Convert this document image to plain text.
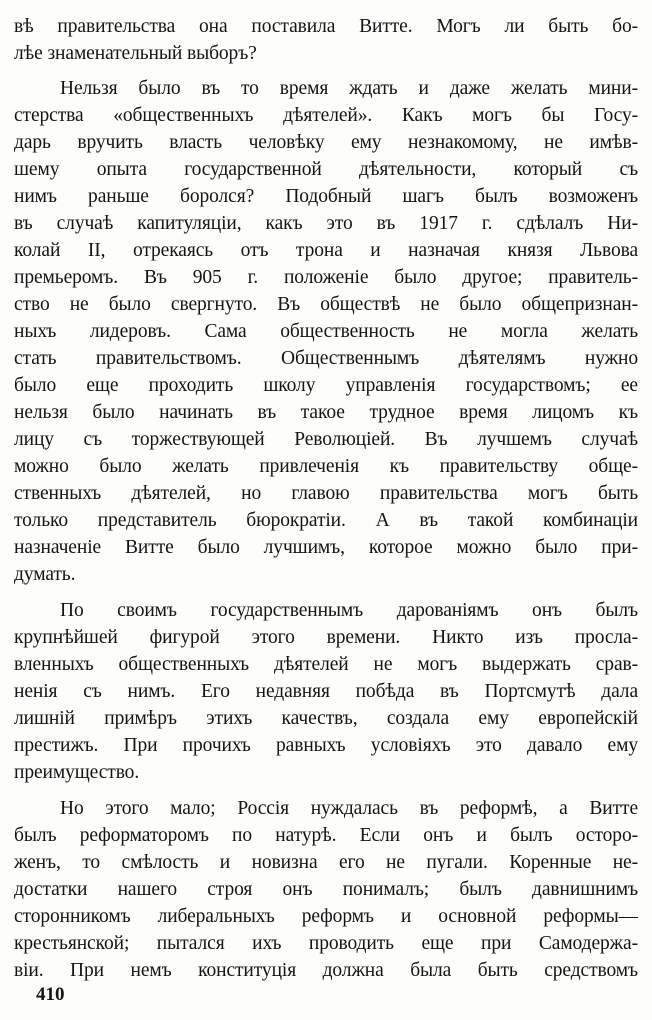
вѣ правительства она поставила Витте. Могъ ли быть бо-
лѣе знаменательный выборъ?
Нельзя было въ то время ждать и даже желать мини-
стерства «общественныхъ дѣятелей». Какъ могъ бы Госу-
дарь вручить власть человѣку ему незнакомому, не имѣв-
шему опыта государственной дѣятельности, который съ
нимъ раньше боролся? Подобный шагъ былъ возможенъ
въ случаѣ капитуляціи, какъ это въ 1917 г. сдѣлалъ Ни-
колай II, отрекаясь отъ трона и назначая князя Львова
премьеромъ. Въ 905 г. положеніе было другое; правитель-
ство не было свергнуто. Въ обществѣ не было общепризнан-
ныхъ лидеровъ. Сама общественность не могла желать
стать правительствомъ. Общественнымъ дѣятелямъ нужно
было еще проходить школу управленія государствомъ; ее
нельзя было начинать въ такое трудное время лицомъ къ
лицу съ торжествующей Революціей. Въ лучшемъ случаѣ
можно было желать привлеченія къ правительству обще-
ственныхъ дѣятелей, но главою правительства могъ быть
только представитель бюрократіи. А въ такой комбинаціи
назначеніе Витте было лучшимъ, которое можно было при-
думать.
По своимъ государственнымъ дарованіямъ онъ былъ
крупнѣйшей фигурой этого времени. Никто изъ просла-
вленныхъ общественныхъ дѣятелей не могъ выдержать срав-
ненія съ нимъ. Его недавняя побѣда въ Портсмутѣ дала
лишній примѣръ этихъ качествъ, создала ему европейскій
престижъ. При прочихъ равныхъ условіяхъ это давало ему
преимущество.
Но этого мало; Россія нуждалась въ реформѣ, а Витте
былъ реформаторомъ по натурѣ. Если онъ и былъ осторо-
женъ, то смѣлость и новизна его не пугали. Коренные не-
достатки нашего строя онъ понималъ; былъ давнишнимъ
сторонникомъ либеральныхъ реформъ и основной реформы—
крестьянской; пытался ихъ проводить еще при Самодержа-
віи. При немъ конституція должна была быть средствомъ
410
